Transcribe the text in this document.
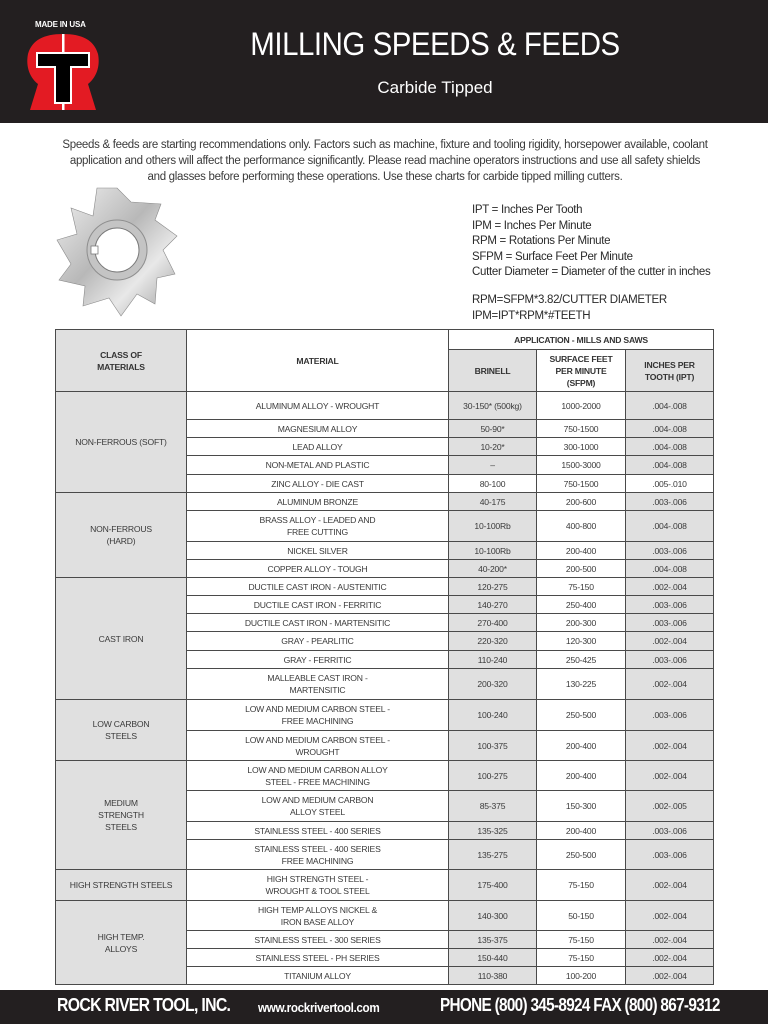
MADE IN USA
MILLING SPEEDS & FEEDS
Carbide Tipped
Speeds & feeds are starting recommendations only. Factors such as machine, fixture and tooling rigidity, horsepower available, coolant application and others will affect the performance significantly. Please read machine operators instructions and use all safety shields and glasses before performing these operations. Use these charts for carbide tipped milling cutters.
IPT = Inches Per Tooth
IPM = Inches Per Minute
RPM = Rotations Per Minute
SFPM = Surface Feet Per Minute
Cutter Diameter = Diameter of the cutter in inches
RPM=SFPM*3.82/CUTTER DIAMETER
IPM=IPT*RPM*#TEETH
CLASS OF MATERIALS	MATERIAL	APPLICATION - MILLS AND SAWS		
		BRINELL	SURFACE FEET PER MINUTE (SFPM)	INCHES PER TOOTH (IPT)
NON-FERROUS (SOFT)	ALUMINUM ALLOY - WROUGHT	30-150* (500kg)	1000-2000	.004-.008
	MAGNESIUM ALLOY	50-90*	750-1500	.004-.008
	LEAD ALLOY	10-20*	300-1000	.004-.008
	NON-METAL AND PLASTIC	–	1500-3000	.004-.008
	ZINC ALLOY - DIE CAST	80-100	750-1500	.005-.010
NON-FERROUS (HARD)	ALUMINUM BRONZE	40-175	200-600	.003-.006
	BRASS ALLOY - LEADED AND FREE CUTTING	10-100Rb	400-800	.004-.008
	NICKEL SILVER	10-100Rb	200-400	.003-.006
	COPPER ALLOY - TOUGH	40-200*	200-500	.004-.008
CAST IRON	DUCTILE CAST IRON - AUSTENITIC	120-275	75-150	.002-.004
	DUCTILE CAST IRON - FERRITIC	140-270	250-400	.003-.006
	DUCTILE CAST IRON - MARTENSITIC	270-400	200-300	.003-.006
	GRAY - PEARLITIC	220-320	120-300	.002-.004
	GRAY - FERRITIC	110-240	250-425	.003-.006
	MALLEABLE CAST IRON - MARTENSITIC	200-320	130-225	.002-.004
LOW CARBON STEELS	LOW AND MEDIUM CARBON STEEL - FREE MACHINING	100-240	250-500	.003-.006
	LOW AND MEDIUM CARBON STEEL - WROUGHT	100-375	200-400	.002-.004
MEDIUM STRENGTH STEELS	LOW AND MEDIUM CARBON ALLOY STEEL - FREE MACHINING	100-275	200-400	.002-.004
	LOW AND MEDIUM CARBON ALLOY STEEL	85-375	150-300	.002-.005
	STAINLESS STEEL - 400 SERIES	135-325	200-400	.003-.006
	STAINLESS STEEL - 400 SERIES FREE MACHINING	135-275	250-500	.003-.006
HIGH STRENGTH STEELS	HIGH STRENGTH STEEL - WROUGHT & TOOL STEEL	175-400	75-150	.002-.004
HIGH TEMP. ALLOYS	HIGH TEMP ALLOYS NICKEL & IRON BASE ALLOY	140-300	50-150	.002-.004
	STAINLESS STEEL - 300 SERIES	135-375	75-150	.002-.004
	STAINLESS STEEL - PH SERIES	150-440	75-150	.002-.004
	TITANIUM ALLOY	110-380	100-200	.002-.004
ROCK RIVER TOOL, INC. www.rockrivertool.com	PHONE (800) 345-8924 FAX (800) 867-9312
